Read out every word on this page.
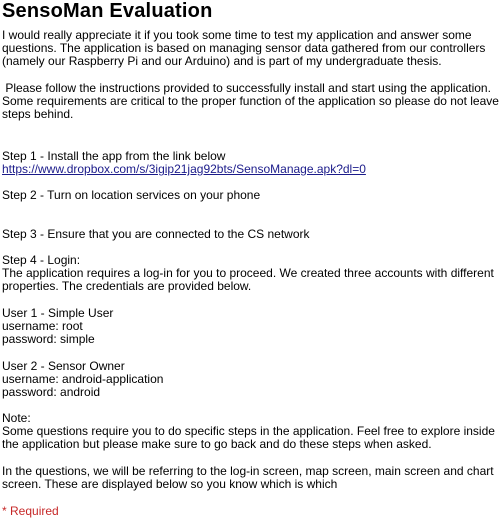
SensoMan Evaluation

I would really appreciate it if you took some time to test my application and answer some questions. The application is based on managing sensor data gathered from our controllers (namely our Raspberry Pi and our Arduino) and is part of my undergraduate thesis.

Please follow the instructions provided to successfully install and start using the application. Some requirements are critical to the proper function of the application so please do not leave steps behind.

Step 1 - Install the app from the link below

https://www.dropbox.com/s/3igip21jag92bts/SensoManage.apk?dl=0

Step 2 - Turn on location services on your phone

Step 3 - Ensure that you are connected to the CS network

Step 4 - Login:

The application requires a log-in for you to proceed. We created three accounts with different properties. The credentials are provided below.

User 1 - Simple User

username: root

password: simple

User 2 - Sensor Owner

username: android-application

password: android

Note:

Some questions require you to do specific steps in the application. Feel free to explore inside the application but please make sure to go back and do these steps when asked.

In the questions, we will be referring to the log-in screen, map screen, main screen and chart screen. These are displayed below so you know which is which

* Required
